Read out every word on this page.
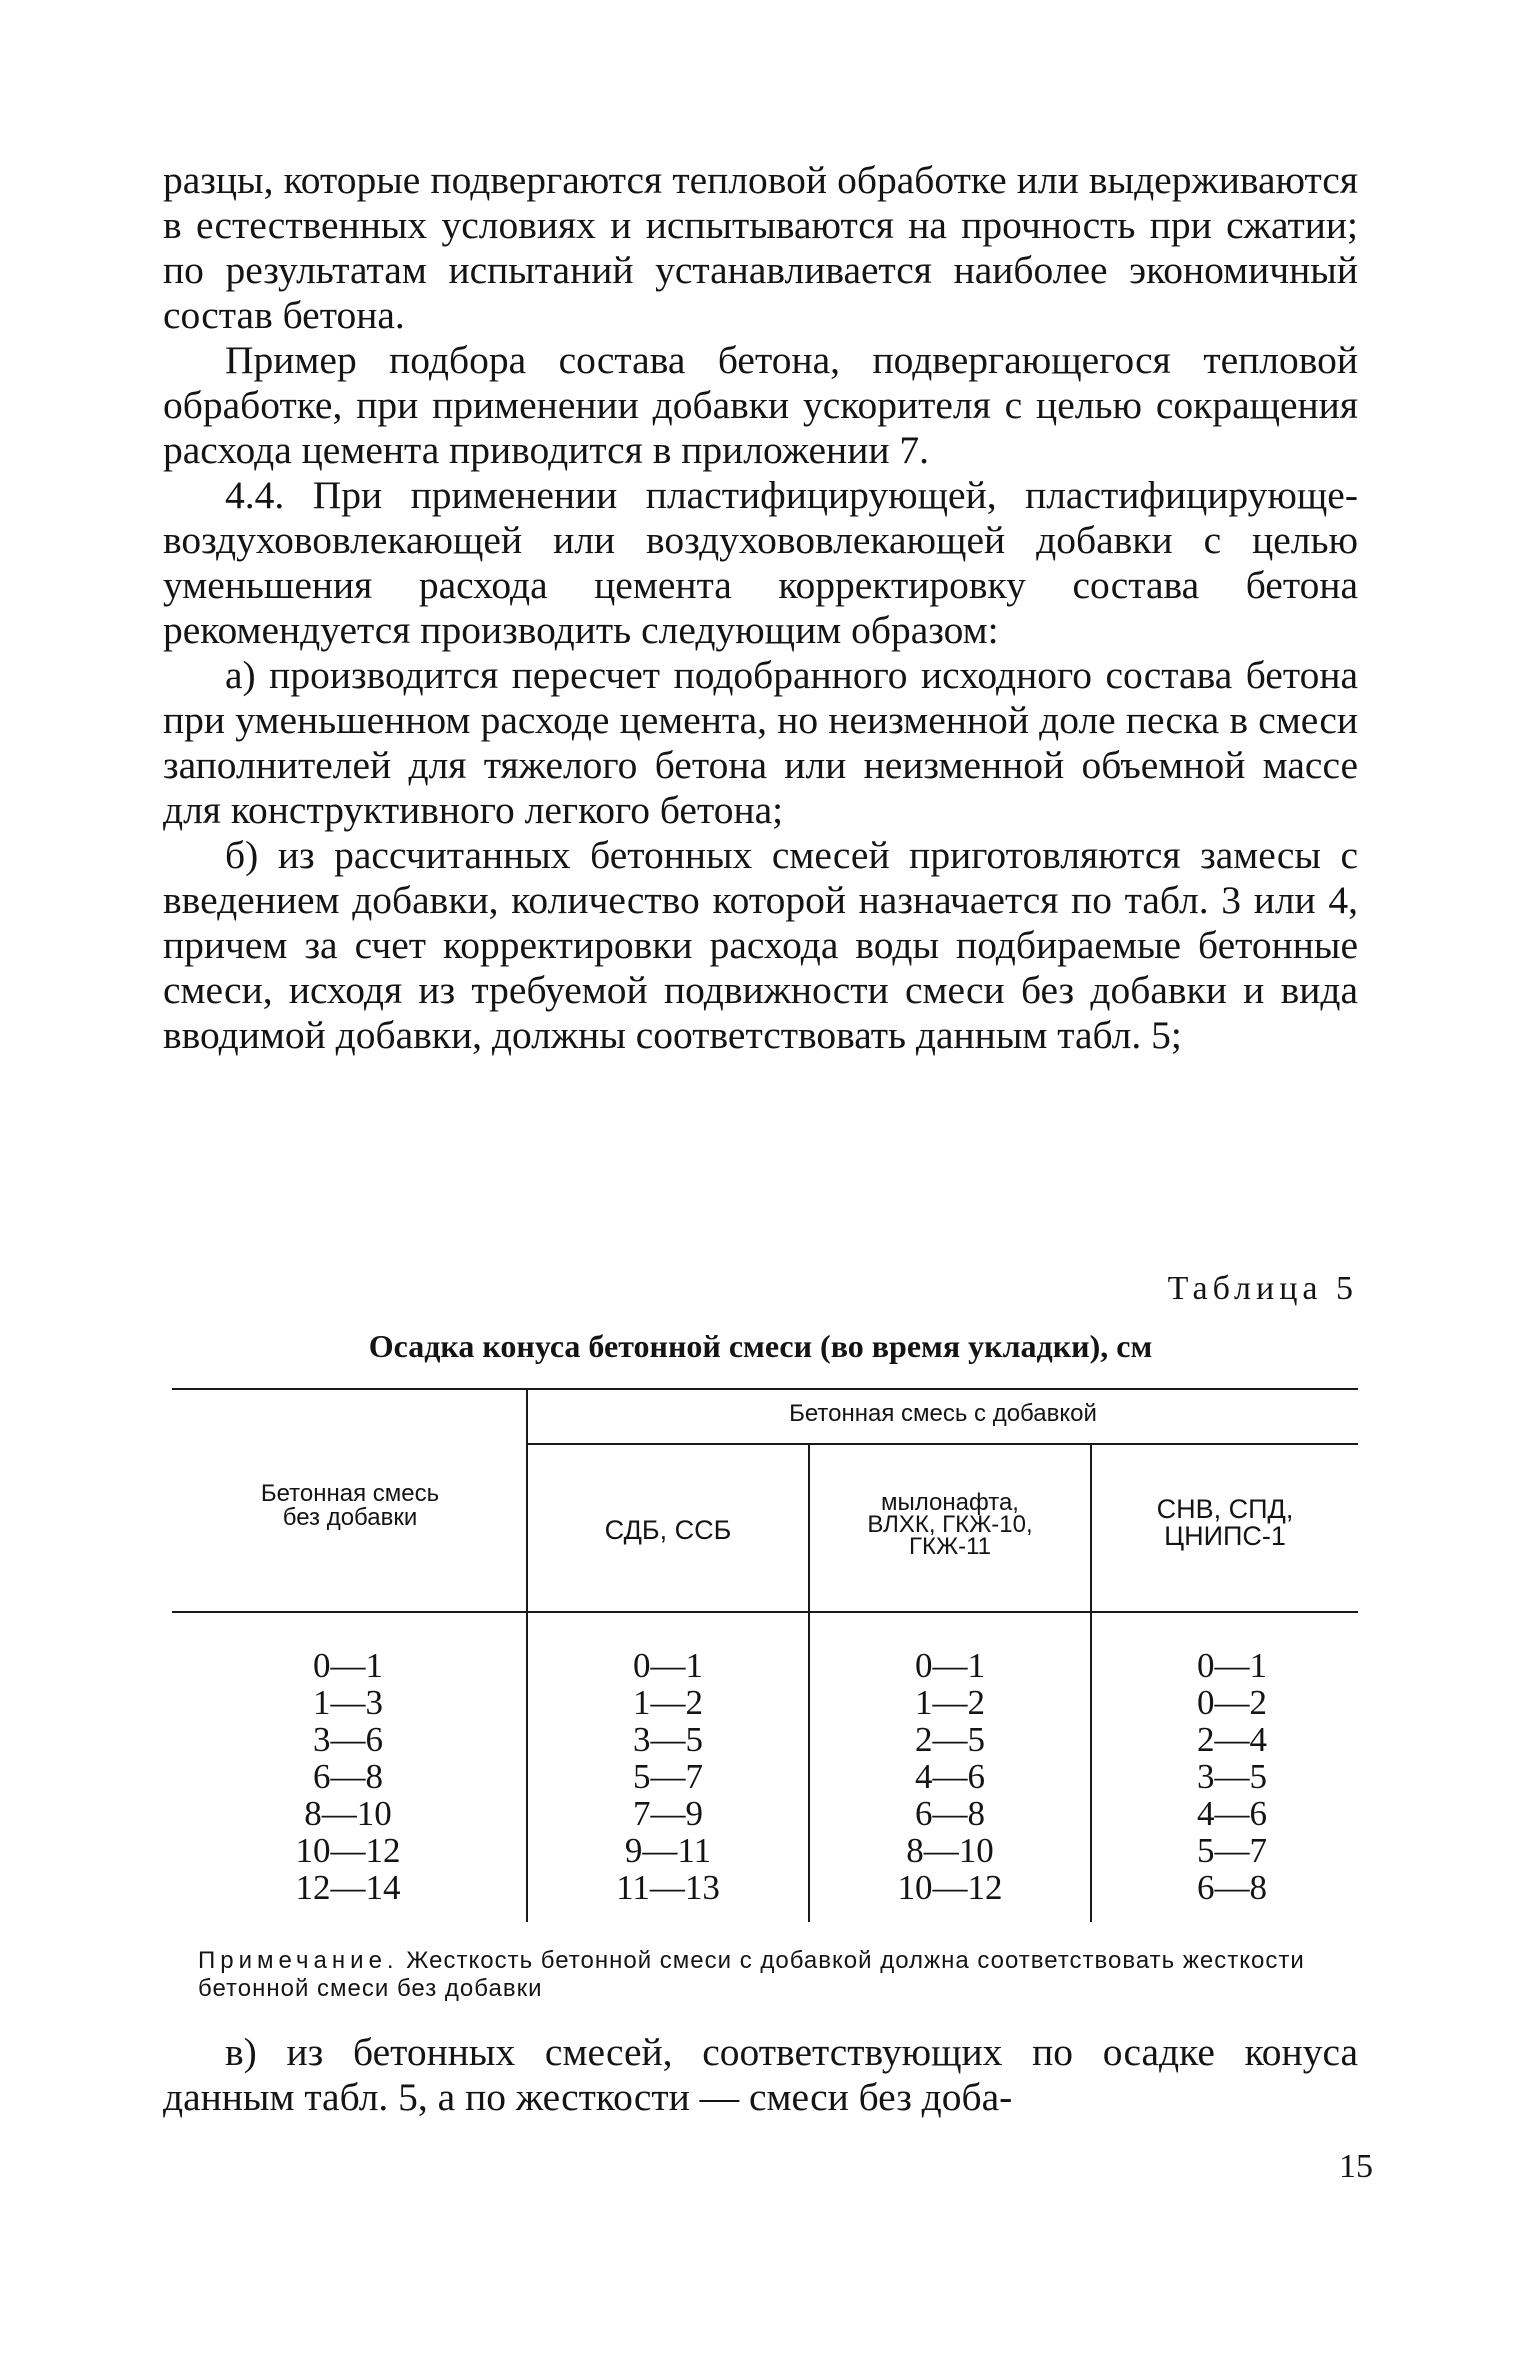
разцы, которые подвергаются тепловой обработке или выдерживаются в естественных условиях и испытываются на прочность при сжатии; по результатам испытаний устанавливается наиболее экономичный состав бетона.

Пример подбора состава бетона, подвергающегося тепловой обработке, при применении добавки ускорителя с целью сокращения расхода цемента приводится в приложении 7.

4.4. При применении пластифицирующей, пластифицирующе-воздухововлекающей или воздухововлекающей добавки с целью уменьшения расхода цемента корректировку состава бетона рекомендуется производить следующим образом:

а) производится пересчет подобранного исходного состава бетона при уменьшенном расходе цемента, но неизменной доле песка в смеси заполнителей для тяжелого бетона или неизменной объемной массе для конструктивного легкого бетона;

б) из рассчитанных бетонных смесей приготовляются замесы с введением добавки, количество которой назначается по табл. 3 или 4, причем за счет корректировки расхода воды подбираемые бетонные смеси, исходя из требуемой подвижности смеси без добавки и вида вводимой добавки, должны соответствовать данным табл. 5;

Таблица 5
Осадка конуса бетонной смеси (во время укладки), см
Бетонная смесь с добавкой
Бетонная смесь
без добавки	СДБ, ССБ
мылонафта,
ВЛХК, ГКЖ-10,
ГКЖ-11
СНВ, СПД,
ЦНИПС-1
0—1
1—3
3—6
6—8
8—10
10—12
12—14
0—1
1—2
3—5
5—7
7—9
9—11
11—13
0—1
1—2
2—5
4—6
6—8
8—10
10—12
0—1
0—2
2—4
3—5
4—6
5—7
6—8
Примечание. Жесткость бетонной смеси с добавкой должна соответствовать жесткости бетонной смеси без добавки
в) из бетонных смесей, соответствующих по осадке конуса данным табл. 5, а по жесткости — смеси без доба-
15
